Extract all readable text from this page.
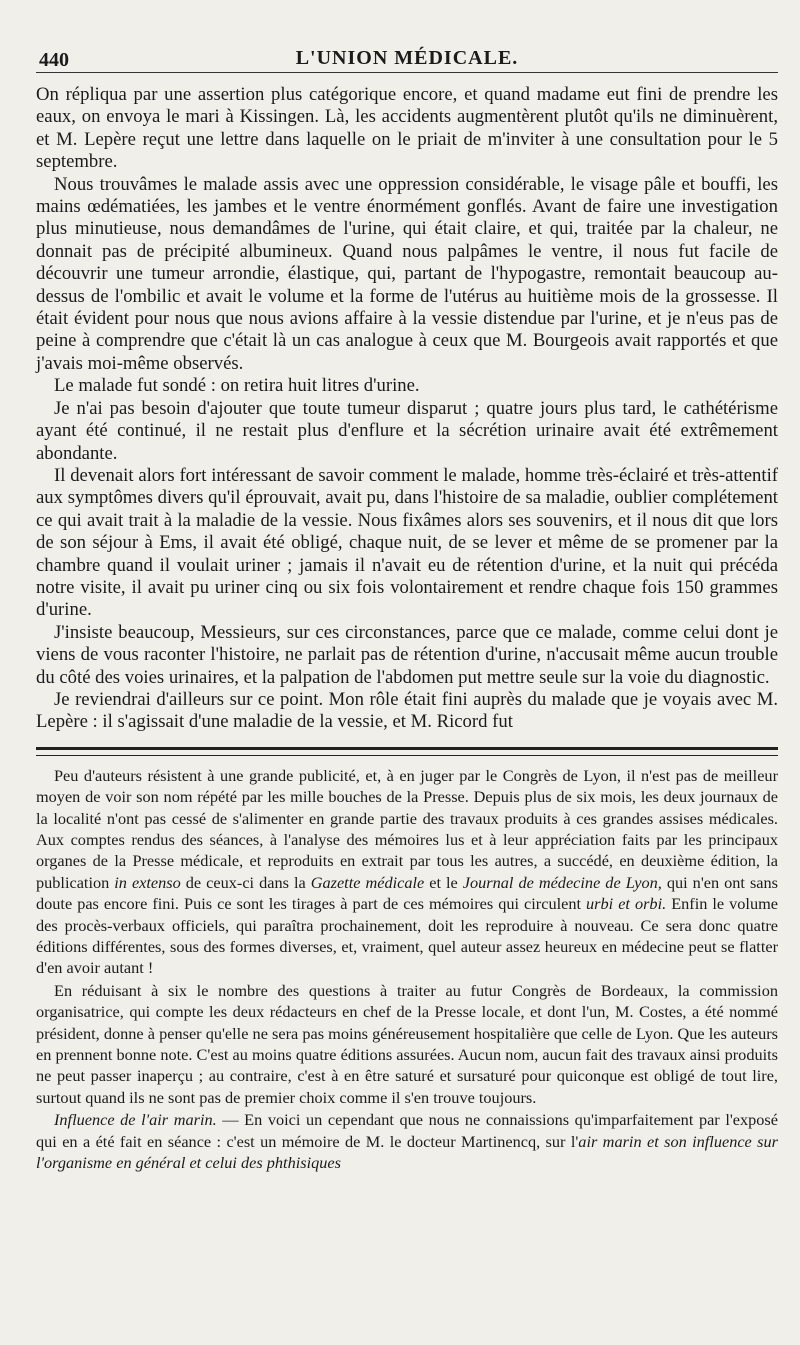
440	L'UNION MÉDICALE.

On répliqua par une assertion plus catégorique encore, et quand madame eut fini de prendre les eaux, on envoya le mari à Kissingen. Là, les accidents augmentèrent plutôt qu'ils ne diminuèrent, et M. Lepère reçut une lettre dans laquelle on le priait de m'inviter à une consultation pour le 5 septembre.

Nous trouvâmes le malade assis avec une oppression considérable, le visage pâle et bouffi, les mains œdématiées, les jambes et le ventre énormément gonflés. Avant de faire une investigation plus minutieuse, nous demandâmes de l'urine, qui était claire, et qui, traitée par la chaleur, ne donnait pas de précipité albumineux. Quand nous palpâmes le ventre, il nous fut facile de découvrir une tumeur arrondie, élastique, qui, partant de l'hypogastre, remontait beaucoup au-dessus de l'ombilic et avait le volume et la forme de l'utérus au huitième mois de la grossesse. Il était évident pour nous que nous avions affaire à la vessie distendue par l'urine, et je n'eus pas de peine à comprendre que c'était là un cas analogue à ceux que M. Bourgeois avait rapportés et que j'avais moi-même observés.

Le malade fut sondé : on retira huit litres d'urine.

Je n'ai pas besoin d'ajouter que toute tumeur disparut ; quatre jours plus tard, le cathétérisme ayant été continué, il ne restait plus d'enflure et la sécrétion urinaire avait été extrêmement abondante.

Il devenait alors fort intéressant de savoir comment le malade, homme très-éclairé et très-attentif aux symptômes divers qu'il éprouvait, avait pu, dans l'histoire de sa maladie, oublier complétement ce qui avait trait à la maladie de la vessie. Nous fixâmes alors ses souvenirs, et il nous dit que lors de son séjour à Ems, il avait été obligé, chaque nuit, de se lever et même de se promener par la chambre quand il voulait uriner ; jamais il n'avait eu de rétention d'urine, et la nuit qui précéda notre visite, il avait pu uriner cinq ou six fois volontairement et rendre chaque fois 150 grammes d'urine.

J'insiste beaucoup, Messieurs, sur ces circonstances, parce que ce malade, comme celui dont je viens de vous raconter l'histoire, ne parlait pas de rétention d'urine, n'accusait même aucun trouble du côté des voies urinaires, et la palpation de l'abdomen put mettre seule sur la voie du diagnostic.

Je reviendrai d'ailleurs sur ce point. Mon rôle était fini auprès du malade que je voyais avec M. Lepère : il s'agissait d'une maladie de la vessie, et M. Ricord fut

Peu d'auteurs résistent à une grande publicité, et, à en juger par le Congrès de Lyon, il n'est pas de meilleur moyen de voir son nom répété par les mille bouches de la Presse. Depuis plus de six mois, les deux journaux de la localité n'ont pas cessé de s'alimenter en grande partie des travaux produits à ces grandes assises médicales. Aux comptes rendus des séances, à l'analyse des mémoires lus et à leur appréciation faits par les principaux organes de la Presse médicale, et reproduits en extrait par tous les autres, a succédé, en deuxième édition, la publication in extenso de ceux-ci dans la Gazette médicale et le Journal de médecine de Lyon, qui n'en ont sans doute pas encore fini. Puis ce sont les tirages à part de ces mémoires qui circulent urbi et orbi. Enfin le volume des procès-verbaux officiels, qui paraîtra prochainement, doit les reproduire à nouveau. Ce sera donc quatre éditions différentes, sous des formes diverses, et, vraiment, quel auteur assez heureux en médecine peut se flatter d'en avoir autant !

En réduisant à six le nombre des questions à traiter au futur Congrès de Bordeaux, la commission organisatrice, qui compte les deux rédacteurs en chef de la Presse locale, et dont l'un, M. Costes, a été nommé président, donne à penser qu'elle ne sera pas moins généreusement hospitalière que celle de Lyon. Que les auteurs en prennent bonne note. C'est au moins quatre éditions assurées. Aucun nom, aucun fait des travaux ainsi produits ne peut passer inaperçu ; au contraire, c'est à en être saturé et sursaturé pour quiconque est obligé de tout lire, surtout quand ils ne sont pas de premier choix comme il s'en trouve toujours.

Influence de l'air marin. — En voici un cependant que nous ne connaissions qu'imparfaitement par l'exposé qui en a été fait en séance : c'est un mémoire de M. le docteur Martinencq, sur l'air marin et son influence sur l'organisme en général et celui des phthisiques
